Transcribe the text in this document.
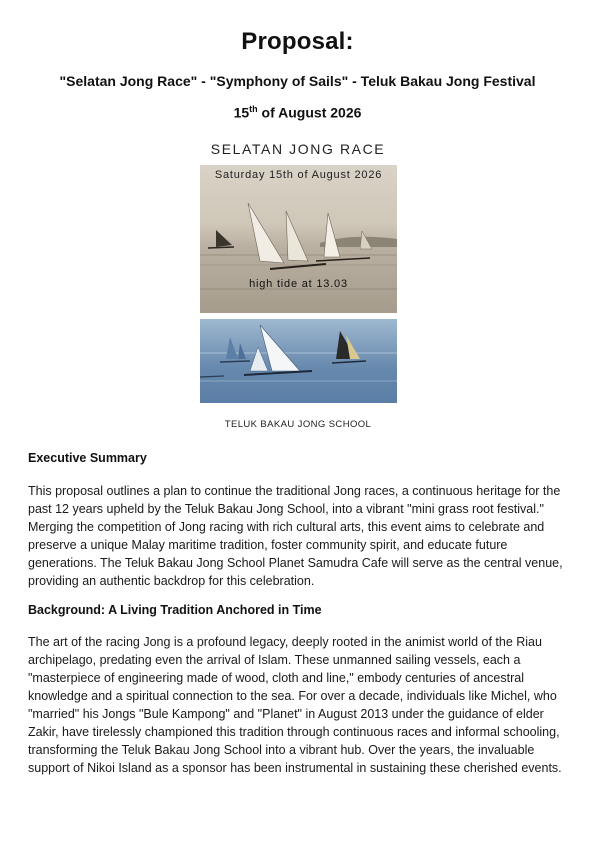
Proposal:
"Selatan Jong Race" - "Symphony of Sails" - Teluk Bakau Jong Festival
15th of August 2026
SELATAN JONG RACE
Saturday 15th of August 2026
high tide at 13.03
TELUK BAKAU JONG SCHOOL
Executive Summary
This proposal outlines a plan to continue the traditional Jong races, a continuous heritage for the past 12 years upheld by the Teluk Bakau Jong School, into a vibrant "mini grass root festival." Merging the competition of Jong racing with rich cultural arts, this event aims to celebrate and preserve a unique Malay maritime tradition, foster community spirit, and educate future generations. The Teluk Bakau Jong School Planet Samudra Cafe will serve as the central venue, providing an authentic backdrop for this celebration.
Background: A Living Tradition Anchored in Time
The art of the racing Jong is a profound legacy, deeply rooted in the animist world of the Riau archipelago, predating even the arrival of Islam. These unmanned sailing vessels, each a "masterpiece of engineering made of wood, cloth and line," embody centuries of ancestral knowledge and a spiritual connection to the sea. For over a decade, individuals like Michel, who "married" his Jongs "Bule Kampong" and "Planet" in August 2013 under the guidance of elder Zakir, have tirelessly championed this tradition through continuous races and informal schooling, transforming the Teluk Bakau Jong School into a vibrant hub. Over the years, the invaluable support of Nikoi Island as a sponsor has been instrumental in sustaining these cherished events.
